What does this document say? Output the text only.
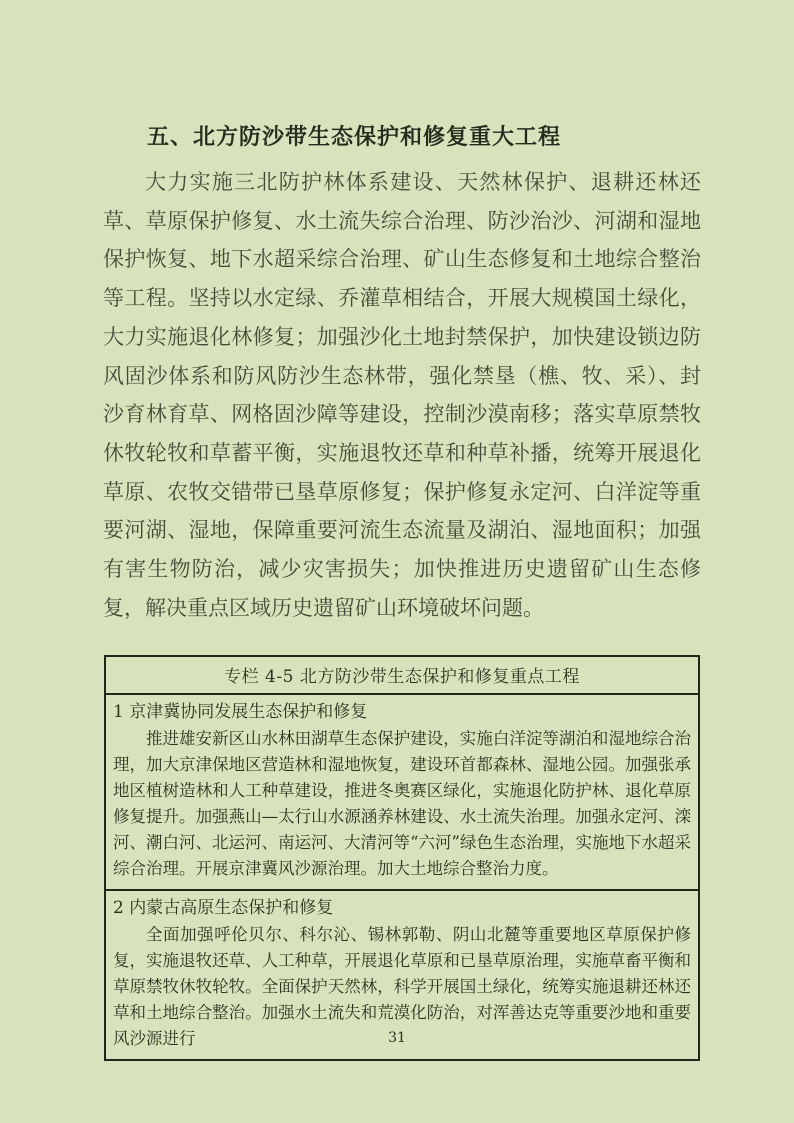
五、北方防沙带生态保护和修复重大工程

大力实施三北防护林体系建设、天然林保护、退耕还林还草、草原保护修复、水土流失综合治理、防沙治沙、河湖和湿地保护恢复、地下水超采综合治理、矿山生态修复和土地综合整治等工程。坚持以水定绿、乔灌草相结合，开展大规模国土绿化，大力实施退化林修复；加强沙化土地封禁保护，加快建设锁边防风固沙体系和防风防沙生态林带，强化禁垦（樵、牧、采）、封沙育林育草、网格固沙障等建设，控制沙漠南移；落实草原禁牧休牧轮牧和草蓄平衡，实施退牧还草和种草补播，统筹开展退化草原、农牧交错带已垦草原修复；保护修复永定河、白洋淀等重要河湖、湿地，保障重要河流生态流量及湖泊、湿地面积；加强有害生物防治，减少灾害损失；加快推进历史遗留矿山生态修复，解决重点区域历史遗留矿山环境破坏问题。

专栏 4-5 北方防沙带生态保护和修复重点工程
1 京津冀协同发展生态保护和修复

推进雄安新区山水林田湖草生态保护建设，实施白洋淀等湖泊和湿地综合治理，加大京津保地区营造林和湿地恢复，建设环首都森林、湿地公园。加强张承地区植树造林和人工种草建设，推进冬奥赛区绿化，实施退化防护林、退化草原修复提升。加强燕山—太行山水源涵养林建设、水土流失治理。加强永定河、滦河、潮白河、北运河、南运河、大清河等“六河”绿色生态治理，实施地下水超采综合治理。开展京津冀风沙源治理。加大土地综合整治力度。

2 内蒙古高原生态保护和修复

全面加强呼伦贝尔、科尔沁、锡林郭勒、阴山北麓等重要地区草原保护修复，实施退牧还草、人工种草，开展退化草原和已垦草原治理，实施草畜平衡和草原禁牧休牧轮牧。全面保护天然林，科学开展国土绿化，统筹实施退耕还林还草和土地综合整治。加强水土流失和荒漠化防治，对浑善达克等重要沙地和重要风沙源进行	31
